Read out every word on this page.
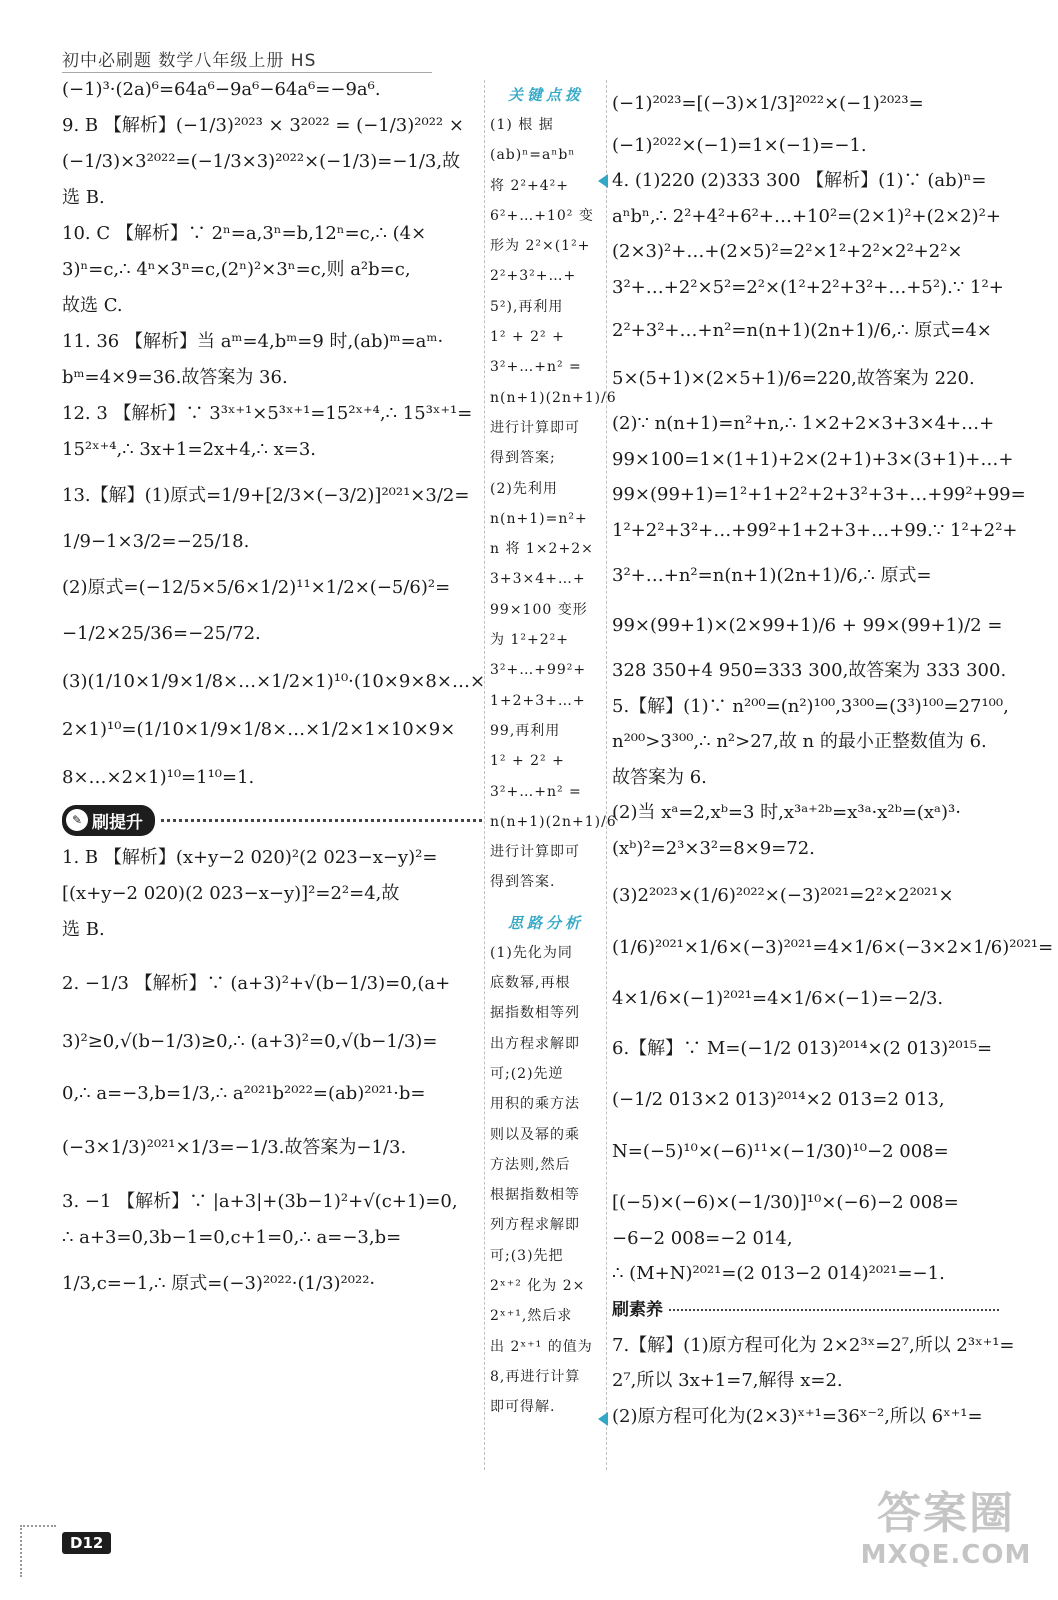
初中必刷题 数学八年级上册 HS
(−1)³·(2a)⁶=64a⁶−9a⁶−64a⁶=−9a⁶.
9. B 【解析】(−1/3)²⁰²³ × 3²⁰²² = (−1/3)²⁰²² ×
(−1/3)×3²⁰²²=(−1/3×3)²⁰²²×(−1/3)=−1/3,故
选 B.
10. C 【解析】∵ 2ⁿ=a,3ⁿ=b,12ⁿ=c,∴ (4×
3)ⁿ=c,∴ 4ⁿ×3ⁿ=c,(2ⁿ)²×3ⁿ=c,则 a²b=c,
故选 C.
11. 36 【解析】当 aᵐ=4,bᵐ=9 时,(ab)ᵐ=aᵐ·
bᵐ=4×9=36.故答案为 36.
12. 3 【解析】∵ 3³ˣ⁺¹×5³ˣ⁺¹=15²ˣ⁺⁴,∴ 15³ˣ⁺¹=
15²ˣ⁺⁴,∴ 3x+1=2x+4,∴ x=3.
13.【解】(1)原式=1/9+[2/3×(−3/2)]²⁰²¹×3/2=
1/9−1×3/2=−25/18.
(2)原式=(−12/5×5/6×1/2)¹¹×1/2×(−5/6)²=
−1/2×25/36=−25/72.
(3)(1/10×1/9×1/8×…×1/2×1)¹⁰·(10×9×8×…×
2×1)¹⁰=(1/10×1/9×1/8×…×1/2×1×10×9×
8×…×2×1)¹⁰=1¹⁰=1.
✎ 刷提升
1. B 【解析】(x+y−2 020)²(2 023−x−y)²=
[(x+y−2 020)(2 023−x−y)]²=2²=4,故
选 B.
2. −1/3 【解析】∵ (a+3)²+√(b−1/3)=0,(a+
3)²≥0,√(b−1/3)≥0,∴ (a+3)²=0,√(b−1/3)=
0,∴ a=−3,b=1/3,∴ a²⁰²¹b²⁰²²=(ab)²⁰²¹·b=
(−3×1/3)²⁰²¹×1/3=−1/3.故答案为−1/3.
3. −1 【解析】∵ |a+3|+(3b−1)²+√(c+1)=0,
∴ a+3=0,3b−1=0,c+1=0,∴ a=−3,b=
1/3,c=−1,∴ 原式=(−3)²⁰²²·(1/3)²⁰²²·
关键点拨
(1) 根 据
(ab)ⁿ=aⁿbⁿ
将 2²+4²+
6²+…+10² 变
形为 2²×(1²+
2²+3²+…+
5²),再利用
1² + 2² +
3²+…+n² =
n(n+1)(2n+1)/6
进行计算即可
得到答案;
(2)先利用
n(n+1)=n²+
n 将 1×2+2×
3+3×4+…+
99×100 变形
为 1²+2²+
3²+…+99²+
1+2+3+…+
99,再利用
1² + 2² +
3²+…+n² =
n(n+1)(2n+1)/6
进行计算即可
得到答案.
思路分析
(1)先化为同
底数幂,再根
据指数相等列
出方程求解即
可;(2)先逆
用积的乘方法
则以及幂的乘
方法则,然后
根据指数相等
列方程求解即
可;(3)先把
2ˣ⁺² 化为 2×
2ˣ⁺¹,然后求
出 2ˣ⁺¹ 的值为
8,再进行计算
即可得解.
(−1)²⁰²³=[(−3)×1/3]²⁰²²×(−1)²⁰²³=
(−1)²⁰²²×(−1)=1×(−1)=−1.
4. (1)220 (2)333 300 【解析】(1)∵ (ab)ⁿ=
aⁿbⁿ,∴ 2²+4²+6²+…+10²=(2×1)²+(2×2)²+
(2×3)²+…+(2×5)²=2²×1²+2²×2²+2²×
3²+…+2²×5²=2²×(1²+2²+3²+…+5²).∵ 1²+
2²+3²+…+n²=n(n+1)(2n+1)/6,∴ 原式=4×
5×(5+1)×(2×5+1)/6=220,故答案为 220.
(2)∵ n(n+1)=n²+n,∴ 1×2+2×3+3×4+…+
99×100=1×(1+1)+2×(2+1)+3×(3+1)+…+
99×(99+1)=1²+1+2²+2+3²+3+…+99²+99=
1²+2²+3²+…+99²+1+2+3+…+99.∵ 1²+2²+
3²+…+n²=n(n+1)(2n+1)/6,∴ 原式=
99×(99+1)×(2×99+1)/6 + 99×(99+1)/2 =
328 350+4 950=333 300,故答案为 333 300.
5.【解】(1)∵ n²⁰⁰=(n²)¹⁰⁰,3³⁰⁰=(3³)¹⁰⁰=27¹⁰⁰,
n²⁰⁰>3³⁰⁰,∴ n²>27,故 n 的最小正整数值为 6.
故答案为 6.
(2)当 xᵃ=2,xᵇ=3 时,x³ᵃ⁺²ᵇ=x³ᵃ·x²ᵇ=(xᵃ)³·
(xᵇ)²=2³×3²=8×9=72.
(3)2²⁰²³×(1/6)²⁰²²×(−3)²⁰²¹=2²×2²⁰²¹×
(1/6)²⁰²¹×1/6×(−3)²⁰²¹=4×1/6×(−3×2×1/6)²⁰²¹=
4×1/6×(−1)²⁰²¹=4×1/6×(−1)=−2/3.
6.【解】∵ M=(−1/2 013)²⁰¹⁴×(2 013)²⁰¹⁵=
(−1/2 013×2 013)²⁰¹⁴×2 013=2 013,
N=(−5)¹⁰×(−6)¹¹×(−1/30)¹⁰−2 008=
[(−5)×(−6)×(−1/30)]¹⁰×(−6)−2 008=
−6−2 008=−2 014,
∴ (M+N)²⁰²¹=(2 013−2 014)²⁰²¹=−1.
刷素养
7.【解】(1)原方程可化为 2×2³ˣ=2⁷,所以 2³ˣ⁺¹=
2⁷,所以 3x+1=7,解得 x=2.
(2)原方程可化为(2×3)ˣ⁺¹=36ˣ⁻²,所以 6ˣ⁺¹=
D12
答案圈
MXQE.COM
